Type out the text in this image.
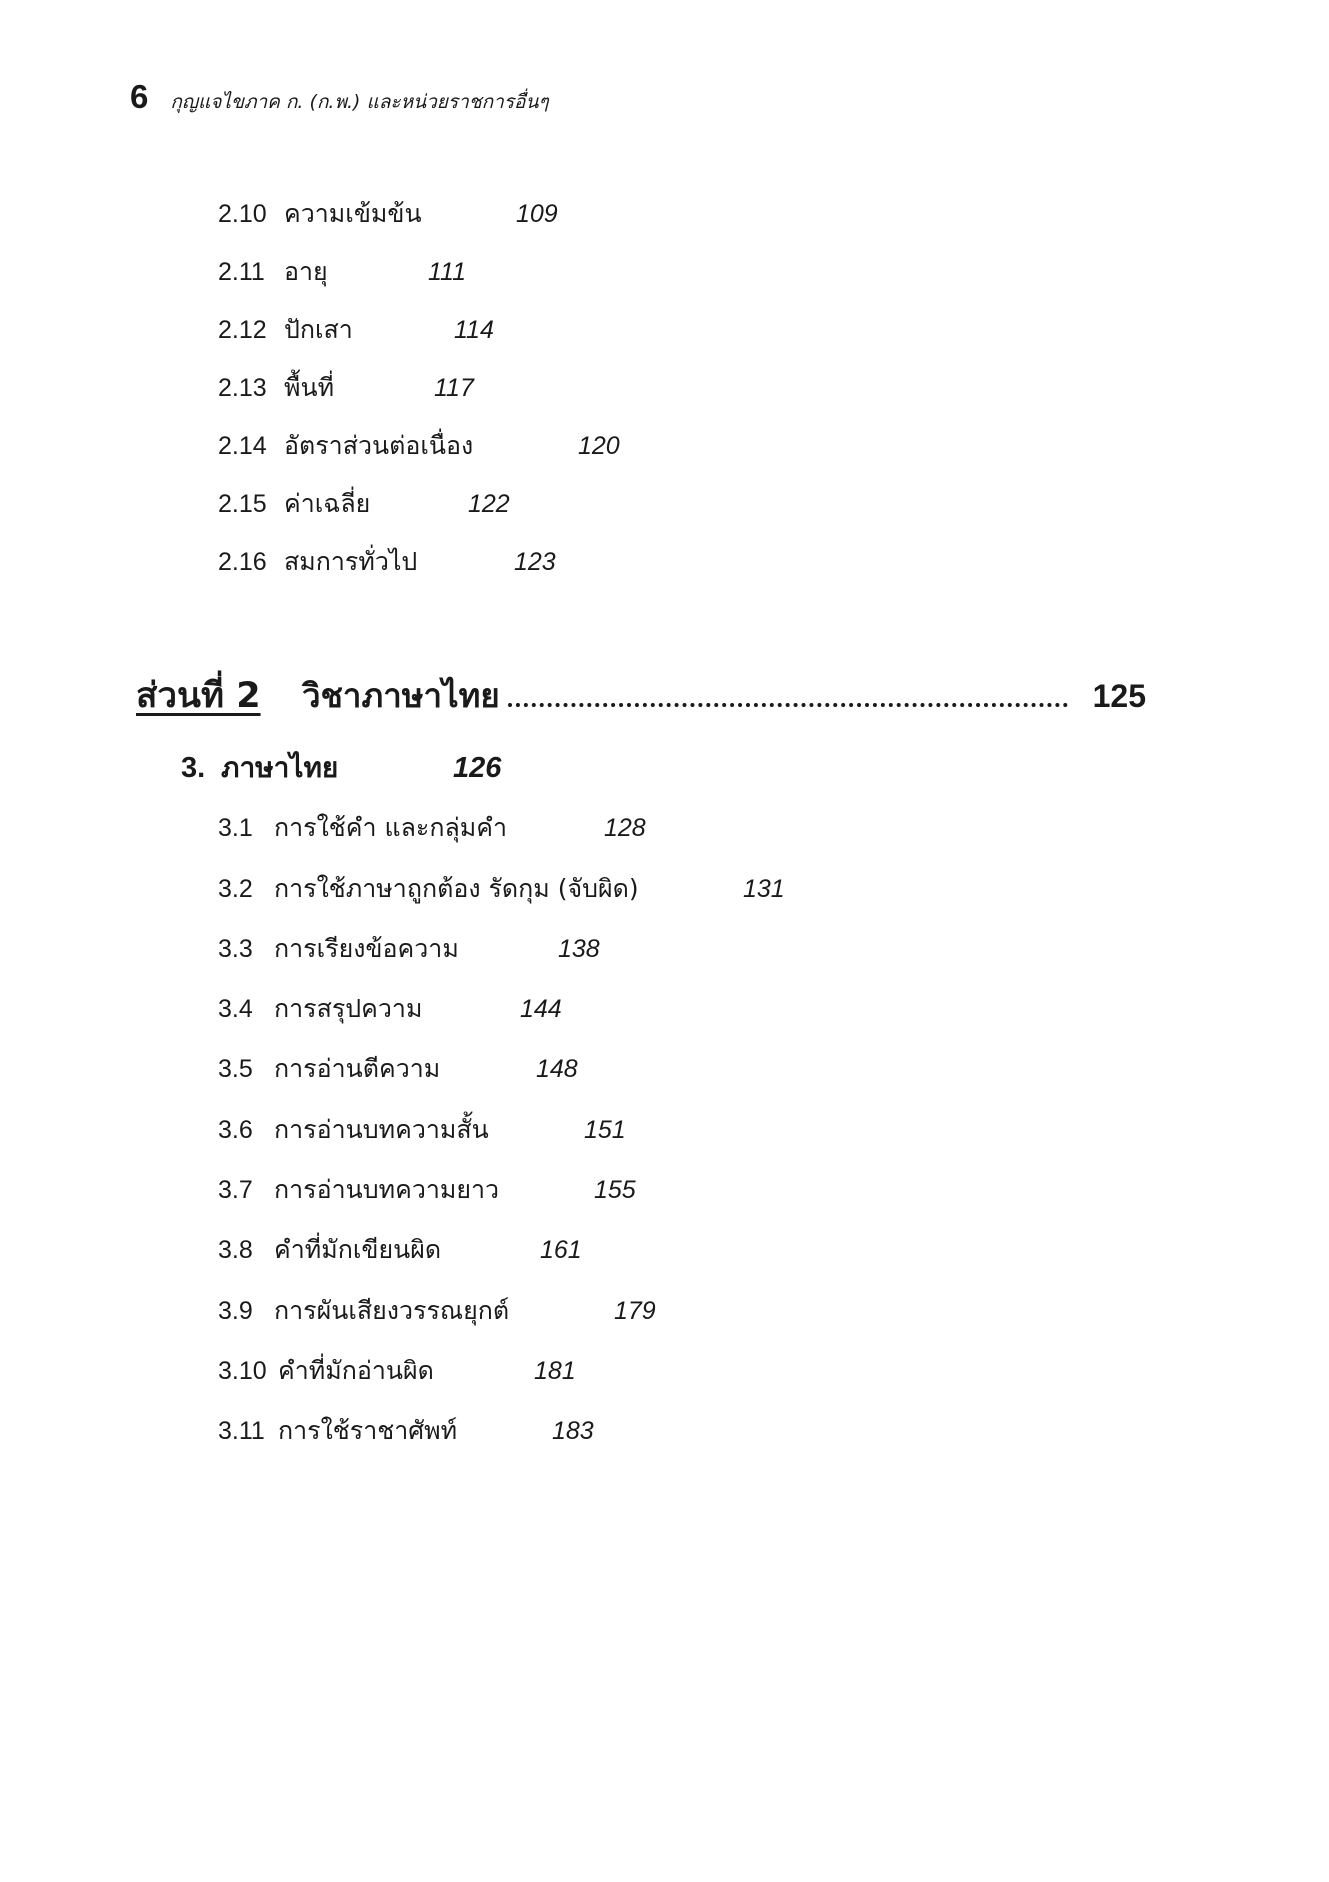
6 กุญแจไขภาค ก. (ก.พ.) และหน่วยราชการอื่นๆ
2.10 ความเข้มข้น	109
2.11 อายุ	111
2.12 ปักเสา	114
2.13 พื้นที่	117
2.14 อัตราส่วนต่อเนื่อง	120
2.15 ค่าเฉลี่ย	122
2.16 สมการทั่วไป	123
ส่วนที่ 2 วิชาภาษาไทย	125
3. ภาษาไทย	126
3.1 การใช้คำ และกลุ่มคำ	128
3.2 การใช้ภาษาถูกต้อง รัดกุม (จับผิด)	131
3.3 การเรียงข้อความ	138
3.4 การสรุปความ	144
3.5 การอ่านตีความ	148
3.6 การอ่านบทความสั้น	151
3.7 การอ่านบทความยาว	155
3.8 คำที่มักเขียนผิด	161
3.9 การผันเสียงวรรณยุกต์	179
3.10 คำที่มักอ่านผิด	181
3.11 การใช้ราชาศัพท์	183
